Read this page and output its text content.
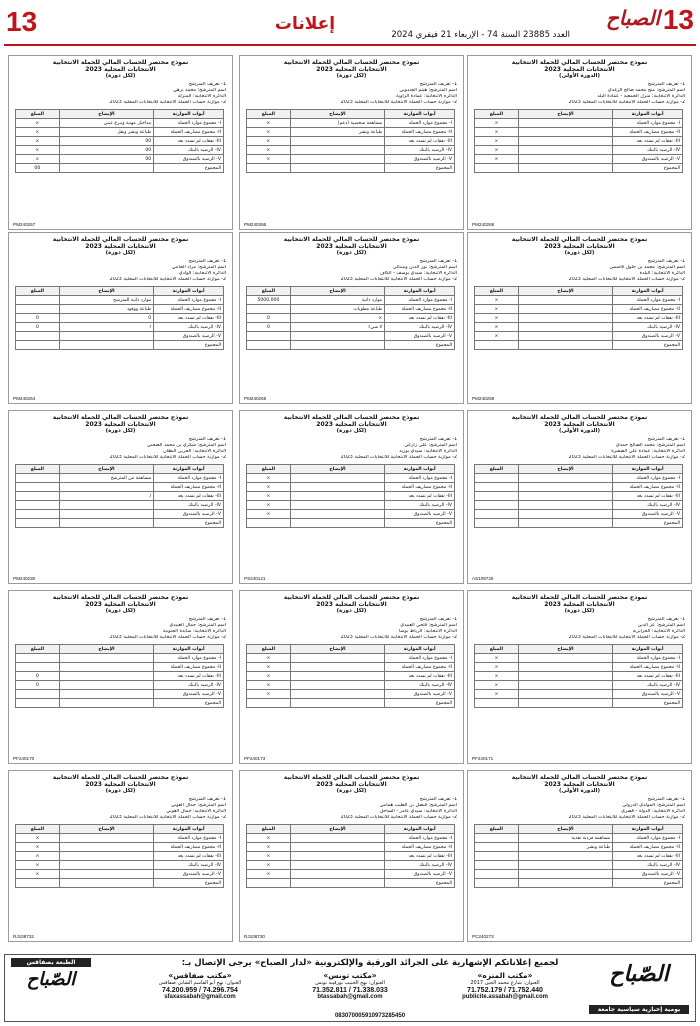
13	إعلانات	الصباح 13
العدد 23885 السنة 74 - الإربعاء 21 فيفري 2024
نموذج مختصر للحساب المالي للحملة الانتخابية
الانتخابات المحلية 2023
(الدورة الأولى)
1- تعريف المترشح
اسم المترشح: منج محمد صالح الزغدي
الدائرة الانتخابية: منزل الجمعية - عمادة البلد
2- موازنة حساب الحملة الانتخابية للانتخابات المحلية 2023
أبواب الموازنة	الإيضاح	المبلغ
I- مجموع موارد الحملة		×
II- مجموع مصاريف الحملة		×
III- نفقات لم تسدد بعد		×
IV- الرصيد بالبنك		×
V- الرصيد بالصندوق		×
المجموع		
PM240268
نموذج مختصر للحساب المالي للحملة الانتخابية
الانتخابات المحلية 2023
(لكل دورة)
1- تعريف المترشح
اسم المترشح: هيثم الجندوبي
الدائرة الانتخابية: عمادة الزاوية
2- موازنة حساب الحملة الانتخابية للانتخابات المحلية 2023
أبواب الموازنة	الإيضاح	المبلغ
I- مجموع موارد الحملة	مساهمة شخصية (دعم)	×
II- مجموع مصاريف الحملة	طباعة ونشر	×
III- نفقات لم تسدد بعد		×
IV- الرصيد بالبنك		×
V- الرصيد بالصندوق		×
المجموع		
PM240266
نموذج مختصر للحساب المالي للحملة الانتخابية
الانتخابات المحلية 2023
(لكل دورة)
1- تعريف المترشح
اسم المترشح: محمد برهي
الدائرة الانتخابية: المنزلة
2- موازنة حساب الحملة الانتخابية للانتخابات المحلية 2023
أبواب الموازنة	الإيضاح	المبلغ
I- مجموع موارد الحملة	مداخيل مهنية وتبرع عيني	×
II- مجموع مصاريف الحملة	طباعة ونشر ونقل	×
III- نفقات لم تسدد بعد	00	×
IV- الرصيد بالبنك	00	×
V- الرصيد بالصندوق	00	×
المجموع		00
PM240267
نموذج مختصر للحساب المالي للحملة الانتخابية
الانتخابات المحلية 2023
(لكل دورة)
1- تعريف المترشح
اسم المترشح: محمد بن جلول قاسمي
الدائرة الانتخابية: البلدة
2- موازنة حساب الحملة الانتخابية للانتخابات المحلية 2023
أبواب الموازنة	الإيضاح	المبلغ
I- مجموع موارد الحملة		×
II- مجموع مصاريف الحملة		×
III- نفقات لم تسدد بعد		×
IV- الرصيد بالبنك		×
V- الرصيد بالصندوق		×
المجموع		
PM240269
نموذج مختصر للحساب المالي للحملة الانتخابية
الانتخابات المحلية 2023
(لكل دورة)
1- تعريف المترشح
اسم المترشح: نور الدين ومبنالي
الدائرة الانتخابية: سيدي يوسف - الكاف
2- موازنة حساب الحملة الانتخابية للانتخابات المحلية 2023
أبواب الموازنة	الإيضاح	المبلغ
I- مجموع موارد الحملة	موارد ذاتية	5000,000
II- مجموع مصاريف الحملة	طباعة مطويات	
III- نفقات لم تسدد بعد	×	0
IV- الرصيد بالبنك	لا شيء	0
V- الرصيد بالصندوق		
المجموع		
PM240265
نموذج مختصر للحساب المالي للحملة الانتخابية
الانتخابات المحلية 2023
(لكل دورة)
1- تعريف المترشح
اسم المترشح: مراد الحامي
الدائرة الانتخابية: الوادي
2- موازنة حساب الحملة الانتخابية للانتخابات المحلية 2023
أبواب الموازنة	الإيضاح	المبلغ
I- مجموع موارد الحملة	موارد ذاتية للمترشح	
II- مجموع مصاريف الحملة	طباعة ووقود	
III- نفقات لم تسدد بعد	0	0
IV- الرصيد بالبنك	/	0
V- الرصيد بالصندوق		
المجموع		
PM240264
نموذج مختصر للحساب المالي للحملة الانتخابية
الانتخابات المحلية 2023
(الدورة الأولى)
1- تعريف المترشح
اسم المترشح: محمد الصالح حمدي
الدائرة الانتخابية: عمادة علي الضفيرة
2- موازنة حساب الحملة الانتخابية للانتخابات المحلية 2023
أبواب الموازنة	الإيضاح	المبلغ
I- مجموع موارد الحملة		
II- مجموع مصاريف الحملة		
III- نفقات لم تسدد بعد		
IV- الرصيد بالبنك		
V- الرصيد بالصندوق		
المجموع		
AS108726
نموذج مختصر للحساب المالي للحملة الانتخابية
الانتخابات المحلية 2023
(لكل دورة)
1- تعريف المترشح
اسم المترشح: علي زارعي
الدائرة الانتخابية: سيدي بوزيد
2- موازنة حساب الحملة الانتخابية للانتخابات المحلية 2023
أبواب الموازنة	الإيضاح	المبلغ
I- مجموع موارد الحملة		×
II- مجموع مصاريف الحملة		×
III- نفقات لم تسدد بعد		×
IV- الرصيد بالبنك		×
V- الرصيد بالصندوق		×
المجموع		
PS240121
نموذج مختصر للحساب المالي للحملة الانتخابية
الانتخابات المحلية 2023
(لكل دورة)
1- تعريف المترشح
اسم المترشح: شكري بن محمد الصحبي
الدائرة الانتخابية: الحرين البطان
2- موازنة حساب الحملة الانتخابية للانتخابات المحلية 2023
أبواب الموازنة	الإيضاح	المبلغ
I- مجموع موارد الحملة	مساهمة من المترشح	
II- مجموع مصاريف الحملة		
III- نفقات لم تسدد بعد	/	
IV- الرصيد بالبنك		
V- الرصيد بالصندوق		
المجموع		
PM240230
نموذج مختصر للحساب المالي للحملة الانتخابية
الانتخابات المحلية 2023
(لكل دورة)
1- تعريف المترشح
اسم المترشح: عز الدين
الدائرة الانتخابية: الحرايرية
2- موازنة حساب الحملة الانتخابية للانتخابات المحلية 2023
أبواب الموازنة	الإيضاح	المبلغ
I- مجموع موارد الحملة		×
II- مجموع مصاريف الحملة		×
III- نفقات لم تسدد بعد		×
IV- الرصيد بالبنك		×
V- الرصيد بالصندوق		×
المجموع		
PF240171
نموذج مختصر للحساب المالي للحملة الانتخابية
الانتخابات المحلية 2023
(لكل دورة)
1- تعريف المترشح
اسم المترشح: فتحي العبيدي
الدائرة الانتخابية: الرباط بوسا
2- موازنة حساب الحملة الانتخابية للانتخابات المحلية 2023
أبواب الموازنة	الإيضاح	المبلغ
I- مجموع موارد الحملة		×
II- مجموع مصاريف الحملة		×
III- نفقات لم تسدد بعد		×
IV- الرصيد بالبنك		×
V- الرصيد بالصندوق		×
المجموع		
PF240173
نموذج مختصر للحساب المالي للحملة الانتخابية
الانتخابات المحلية 2023
(لكل دورة)
1- تعريف المترشح
اسم المترشح: جمال العبيدي
الدائرة الانتخابية: سايدة الجنوبية
2- موازنة حساب الحملة الانتخابية للانتخابات المحلية 2023
أبواب الموازنة	الإيضاح	المبلغ
I- مجموع موارد الحملة		
II- مجموع مصاريف الحملة		
III- نفقات لم تسدد بعد		0
IV- الرصيد بالبنك		0
V- الرصيد بالصندوق		
المجموع		
PF240170
نموذج مختصر للحساب المالي للحملة الانتخابية
الانتخابات المحلية 2023
(الدورة الأولى)
1- تعريف المترشح
اسم المترشح: المولدي الدرولي
الدائرة الانتخابية: الدولة - قصري
2- موازنة حساب الحملة الانتخابية للانتخابات المحلية 2023
أبواب الموازنة	الإيضاح	المبلغ
I- مجموع موارد الحملة	مساهمة فردية نقدية	
II- مجموع مصاريف الحملة	طباعة ونشر	
III- نفقات لم تسدد بعد		
IV- الرصيد بالبنك		
V- الرصيد بالصندوق		
المجموع		
PC240273
نموذج مختصر للحساب المالي للحملة الانتخابية
الانتخابات المحلية 2023
(لكل دورة)
1- تعريف المترشح
اسم المترشح: فيصل بن الطيب همامي
الدائرة الانتخابية: سيدي عامر - الساحل
2- موازنة حساب الحملة الانتخابية للانتخابات المحلية 2023
أبواب الموازنة	الإيضاح	المبلغ
I- مجموع موارد الحملة		×
II- مجموع مصاريف الحملة		×
III- نفقات لم تسدد بعد		×
IV- الرصيد بالبنك		×
V- الرصيد بالصندوق		×
المجموع		
RJ108730
نموذج مختصر للحساب المالي للحملة الانتخابية
الانتخابات المحلية 2023
(لكل دورة)
1- تعريف المترشح
اسم المترشح: جمال العوني
الدائرة الانتخابية: جمال العوني
2- موازنة حساب الحملة الانتخابية للانتخابات المحلية 2023
أبواب الموازنة	الإيضاح	المبلغ
I- مجموع موارد الحملة		×
II- مجموع مصاريف الحملة		×
III- نفقات لم تسدد بعد		×
IV- الرصيد بالبنك		×
V- الرصيد بالصندوق		×
المجموع		
RJ108732
لجميع إعلاناتكم الإشهارية على الجرائد الورقية والإلكترونية «لدار الصباح» يرجى الإتصال بـ:	الصّباح
يومية إخبارية سياسية جامعة
الطبعة بصفاقس
الصّباح	«مكتب المنزه»
العنوان: شارع محمد الجين 2017
71.752.179 / 71.752.440
publicite.assabah@gmail.com
«مكتب تونس»
العنوان: نهج الحبيب بورقيبة تونس
71.352.811 / 71.338.033
btassabah@gmail.com
«مكتب صفاقس»
العنوان: نهج أبو القاسم الشابي صفاقس
74.200.959 / 74.296.754
sfaxassabah@gmail.com
083070005910973285450
